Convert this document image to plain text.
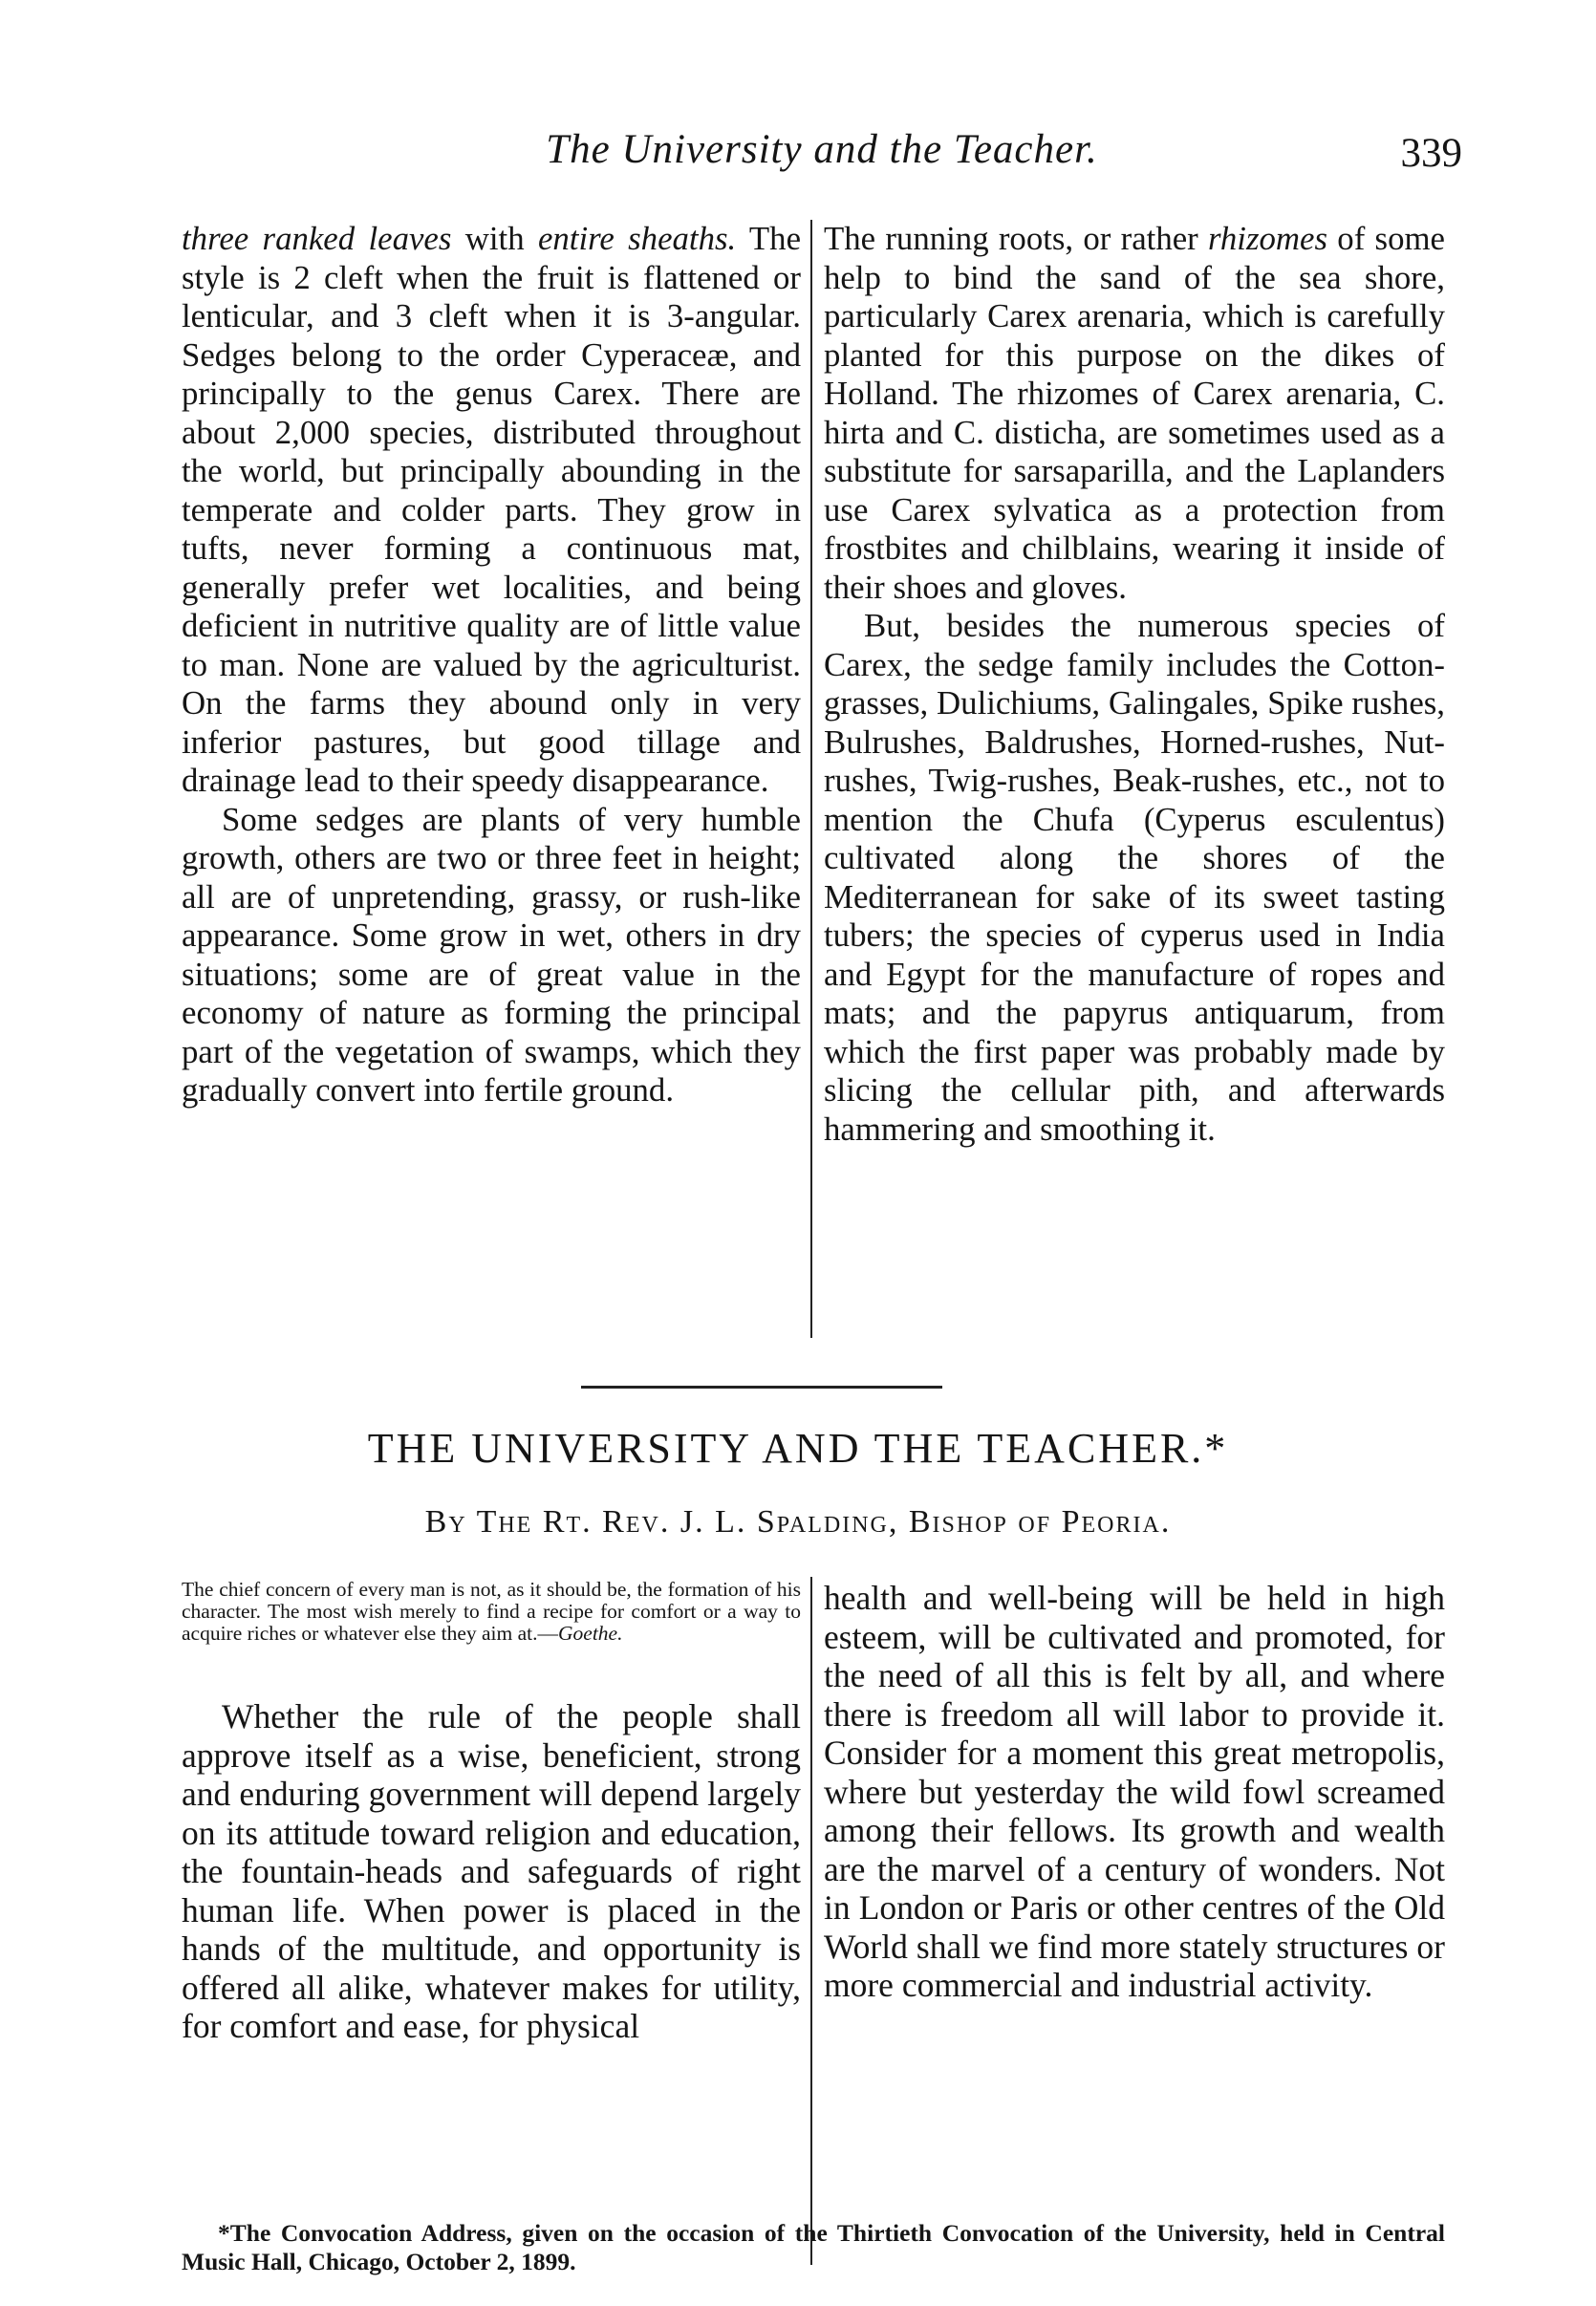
The University and the Teacher.	339

three ranked leaves with entire sheaths. The style is 2 cleft when the fruit is flattened or lenticular, and 3 cleft when it is 3-angular. Sedges belong to the order Cyperaceæ, and principally to the genus Carex. There are about 2,000 species, distributed throughout the world, but principally abounding in the temperate and colder parts. They grow in tufts, never forming a continuous mat, generally prefer wet localities, and being deficient in nutritive quality are of little value to man. None are valued by the agriculturist. On the farms they abound only in very inferior pastures, but good tillage and drainage lead to their speedy disappearance.

Some sedges are plants of very humble growth, others are two or three feet in height; all are of unpretending, grassy, or rush-like appearance. Some grow in wet, others in dry situations; some are of great value in the economy of nature as forming the principal part of the vegetation of swamps, which they gradually convert into fertile ground.

The running roots, or rather rhizomes of some help to bind the sand of the sea shore, particularly Carex arenaria, which is carefully planted for this purpose on the dikes of Holland. The rhizomes of Carex arenaria, C. hirta and C. disticha, are sometimes used as a substitute for sarsaparilla, and the Laplanders use Carex sylvatica as a protection from frostbites and chilblains, wearing it inside of their shoes and gloves.

But, besides the numerous species of Carex, the sedge family includes the Cotton-grasses, Dulichiums, Galingales, Spike rushes, Bulrushes, Baldrushes, Horned-rushes, Nut-rushes, Twig-rushes, Beak-rushes, etc., not to mention the Chufa (Cyperus esculentus) cultivated along the shores of the Mediterranean for sake of its sweet tasting tubers; the species of cyperus used in India and Egypt for the manufacture of ropes and mats; and the papyrus antiquarum, from which the first paper was probably made by slicing the cellular pith, and afterwards hammering and smoothing it.

THE UNIVERSITY AND THE TEACHER.*
By The Rt. Rev. J. L. Spalding, Bishop of Peoria.

The chief concern of every man is not, as it should be, the formation of his character. The most wish merely to find a recipe for comfort or a way to acquire riches or whatever else they aim at.—Goethe.

Whether the rule of the people shall approve itself as a wise, beneficient, strong and enduring government will depend largely on its attitude toward religion and education, the fountain-heads and safeguards of right human life. When power is placed in the hands of the multitude, and opportunity is offered all alike, whatever makes for utility, for comfort and ease, for physical

health and well-being will be held in high esteem, will be cultivated and promoted, for the need of all this is felt by all, and where there is freedom all will labor to provide it. Consider for a moment this great metropolis, where but yesterday the wild fowl screamed among their fellows. Its growth and wealth are the marvel of a century of wonders. Not in London or Paris or other centres of the Old World shall we find more stately structures or more commercial and industrial activity.

*The Convocation Address, given on the occasion of the Thirtieth Convocation of the University, held in Central Music Hall, Chicago, October 2, 1899.
